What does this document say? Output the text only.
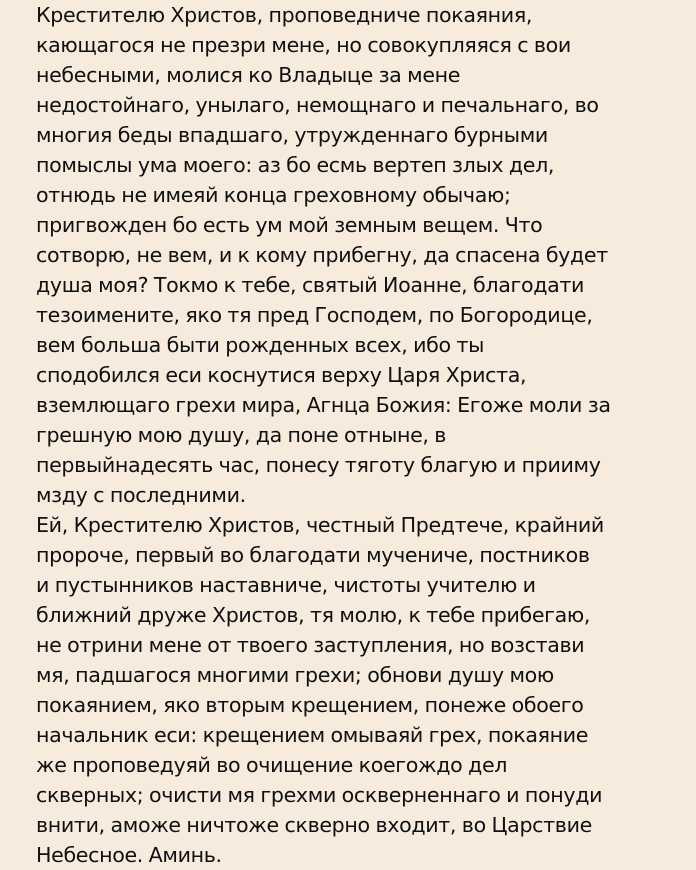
Крестителю Христов, проповедниче покаяния,
кающагося не презри мене, но совокупляяся с вои
небесными, молися ко Владыце за мене
недостойнаго, унылаго, немощнаго и печальнаго, во
многия беды впадшаго, утружденнаго бурными
помыслы ума моего: аз бо есмь вертеп злых дел,
отнюдь не имеяй конца греховному обычаю;
пригвожден бо есть ум мой земным вещем. Что
сотворю, не вем, и к кому прибегну, да спасена будет
душа моя? Токмо к тебе, святый Иоанне, благодати
тезоимените, яко тя пред Господем, по Богородице,
вем больша быти рожденных всех, ибо ты
сподобился еси коснутися верху Царя Христа,
вземлющаго грехи мира, Агнца Божия: Егоже моли за
грешную мою душу, да поне отныне, в
первыйнадесять час, понесу тяготу благую и прииму
мзду с последними.
Ей, Крестителю Христов, честный Предтече, крайний
пророче, первый во благодати мучениче, постников
и пустынников наставниче, чистоты учителю и
ближний друже Христов, тя молю, к тебе прибегаю,
не отрини мене от твоего заступления, но возстави
мя, падшагося многими грехи; обнови душу мою
покаянием, яко вторым крещением, понеже обоего
начальник еси: крещением омываяй грех, покаяние
же проповедуяй во очищение коегождо дел
скверных; очисти мя грехми оскверненнаго и понуди
внити, аможе ничтоже скверно входит, во Царствие
Небесное. Аминь.
